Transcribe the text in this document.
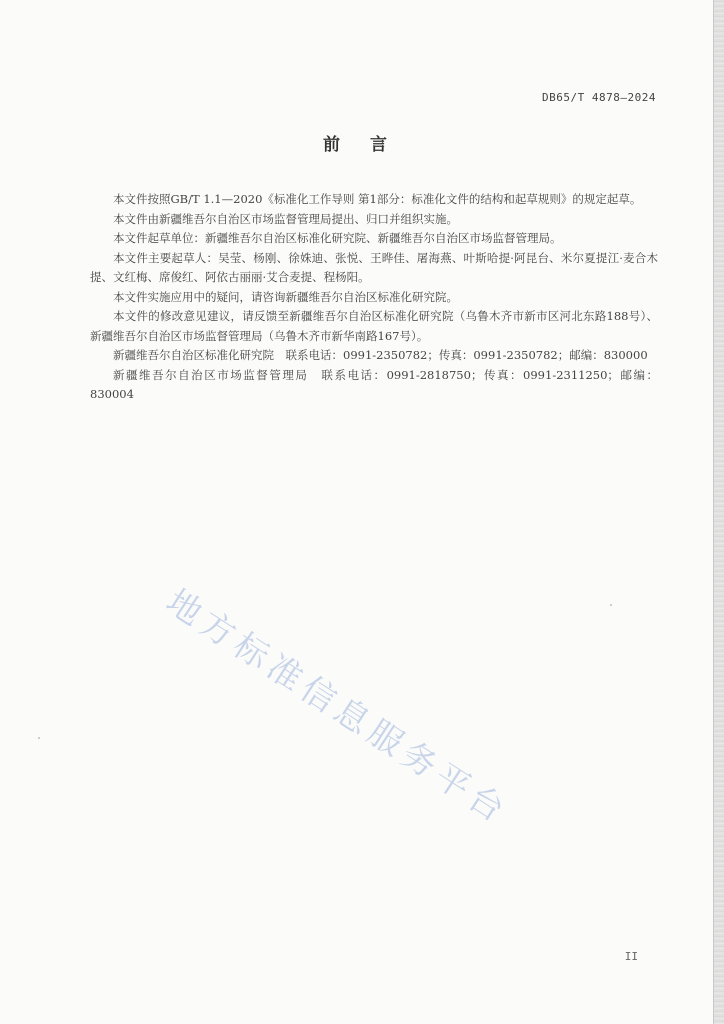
DB65/T 4878—2024
前言

本文件按照GB/T 1.1—2020《标准化工作导则 第1部分：标准化文件的结构和起草规则》的规定起草。

本文件由新疆维吾尔自治区市场监督管理局提出、归口并组织实施。

本文件起草单位：新疆维吾尔自治区标准化研究院、新疆维吾尔自治区市场监督管理局。

本文件主要起草人：吴莹、杨刚、徐姝迪、张悦、王晔佳、屠海燕、叶斯哈提·阿昆台、米尔夏提江·麦合木提、文红梅、席俊红、阿依古丽丽·艾合麦提、程杨阳。

本文件实施应用中的疑问，请咨询新疆维吾尔自治区标准化研究院。

本文件的修改意见建议，请反馈至新疆维吾尔自治区标准化研究院（乌鲁木齐市新市区河北东路188号）、新疆维吾尔自治区市场监督管理局（乌鲁木齐市新华南路167号）。

新疆维吾尔自治区标准化研究院　联系电话：0991-2350782；传真：0991-2350782；邮编：830000

新疆维吾尔自治区市场监督管理局　联系电话：0991-2818750；传真：0991-2311250；邮编：830004

地方标准信息服务平台
II
